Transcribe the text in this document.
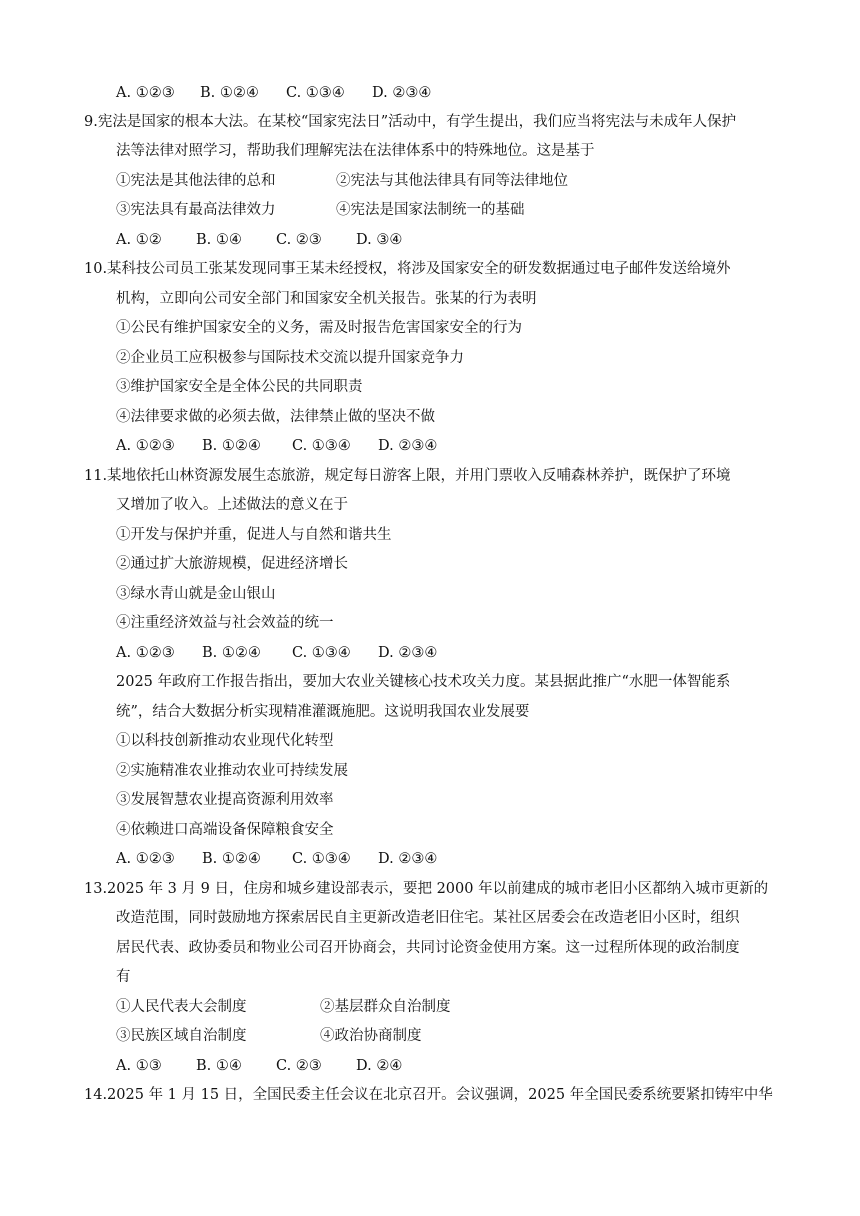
A. ①②③ B. ①②④ C. ①③④ D. ②③④
9.宪法是国家的根本大法。在某校“国家宪法日”活动中，有学生提出，我们应当将宪法与未成年人保护
法等法律对照学习，帮助我们理解宪法在法律体系中的特殊地位。这是基于
①宪法是其他法律的总和	②宪法与其他法律具有同等法律地位
③宪法具有最高法律效力	④宪法是国家法制统一的基础
A. ①② B. ①④ C. ②③ D. ③④
10.某科技公司员工张某发现同事王某未经授权，将涉及国家安全的研发数据通过电子邮件发送给境外
机构，立即向公司安全部门和国家安全机关报告。张某的行为表明
①公民有维护国家安全的义务，需及时报告危害国家安全的行为
②企业员工应积极参与国际技术交流以提升国家竞争力
③维护国家安全是全体公民的共同职责
④法律要求做的必须去做，法律禁止做的坚决不做
A. ①②③ B. ①②④ C. ①③④ D. ②③④
11.某地依托山林资源发展生态旅游，规定每日游客上限，并用门票收入反哺森林养护，既保护了环境
又增加了收入。上述做法的意义在于
①开发与保护并重，促进人与自然和谐共生
②通过扩大旅游规模，促进经济增长
③绿水青山就是金山银山
④注重经济效益与社会效益的统一
A. ①②③ B. ①②④ C. ①③④ D. ②③④
2025 年政府工作报告指出，要加大农业关键核心技术攻关力度。某县据此推广“水肥一体智能系
统”，结合大数据分析实现精准灌溉施肥。这说明我国农业发展要
①以科技创新推动农业现代化转型
②实施精准农业推动农业可持续发展
③发展智慧农业提高资源利用效率
④依赖进口高端设备保障粮食安全
A. ①②③ B. ①②④ C. ①③④ D. ②③④
13.2025 年 3 月 9 日，住房和城乡建设部表示，要把 2000 年以前建成的城市老旧小区都纳入城市更新的
改造范围，同时鼓励地方探索居民自主更新改造老旧住宅。某社区居委会在改造老旧小区时，组织
居民代表、政协委员和物业公司召开协商会，共同讨论资金使用方案。这一过程所体现的政治制度
有
①人民代表大会制度	②基层群众自治制度
③民族区域自治制度	④政治协商制度
A. ①③ B. ①④ C. ②③ D. ②④
14.2025 年 1 月 15 日，全国民委主任会议在北京召开。会议强调，2025 年全国民委系统要紧扣铸牢中华
